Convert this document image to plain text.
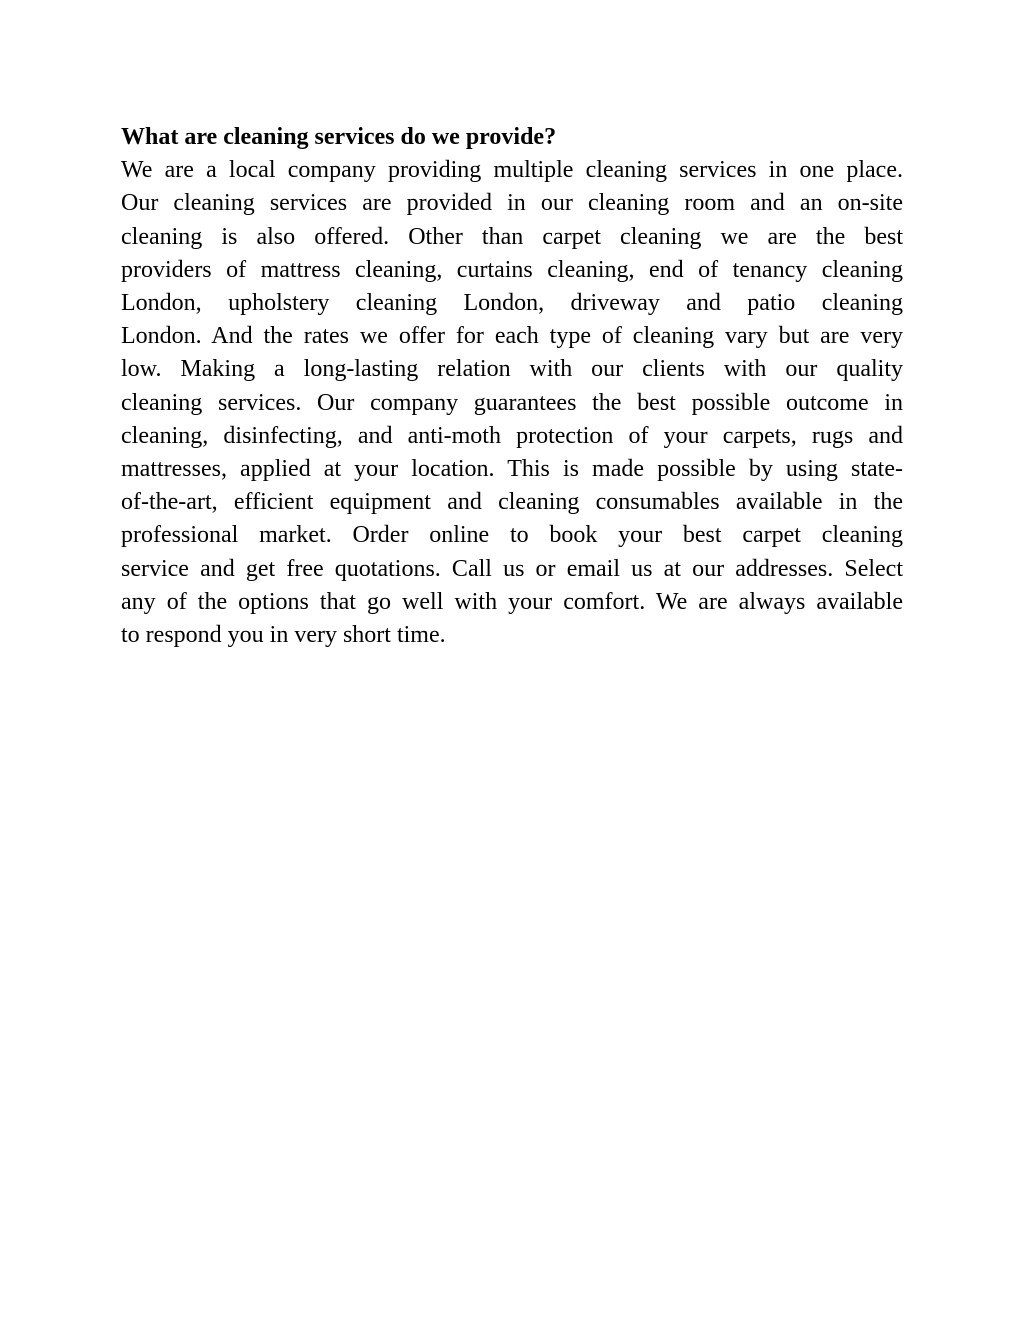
What are cleaning services do we provide?
We are a local company providing multiple cleaning services in one place.
Our cleaning services are provided in our cleaning room and an on-site
cleaning is also offered. Other than carpet cleaning we are the best
providers of mattress cleaning, curtains cleaning, end of tenancy cleaning
London, upholstery cleaning London, driveway and patio cleaning
London. And the rates we offer for each type of cleaning vary but are very
low. Making a long-lasting relation with our clients with our quality
cleaning services. Our company guarantees the best possible outcome in
cleaning, disinfecting, and anti-moth protection of your carpets, rugs and
mattresses, applied at your location. This is made possible by using state-
of-the-art, efficient equipment and cleaning consumables available in the
professional market. Order online to book your best carpet cleaning
service and get free quotations. Call us or email us at our addresses. Select
any of the options that go well with your comfort. We are always available
to respond you in very short time.
